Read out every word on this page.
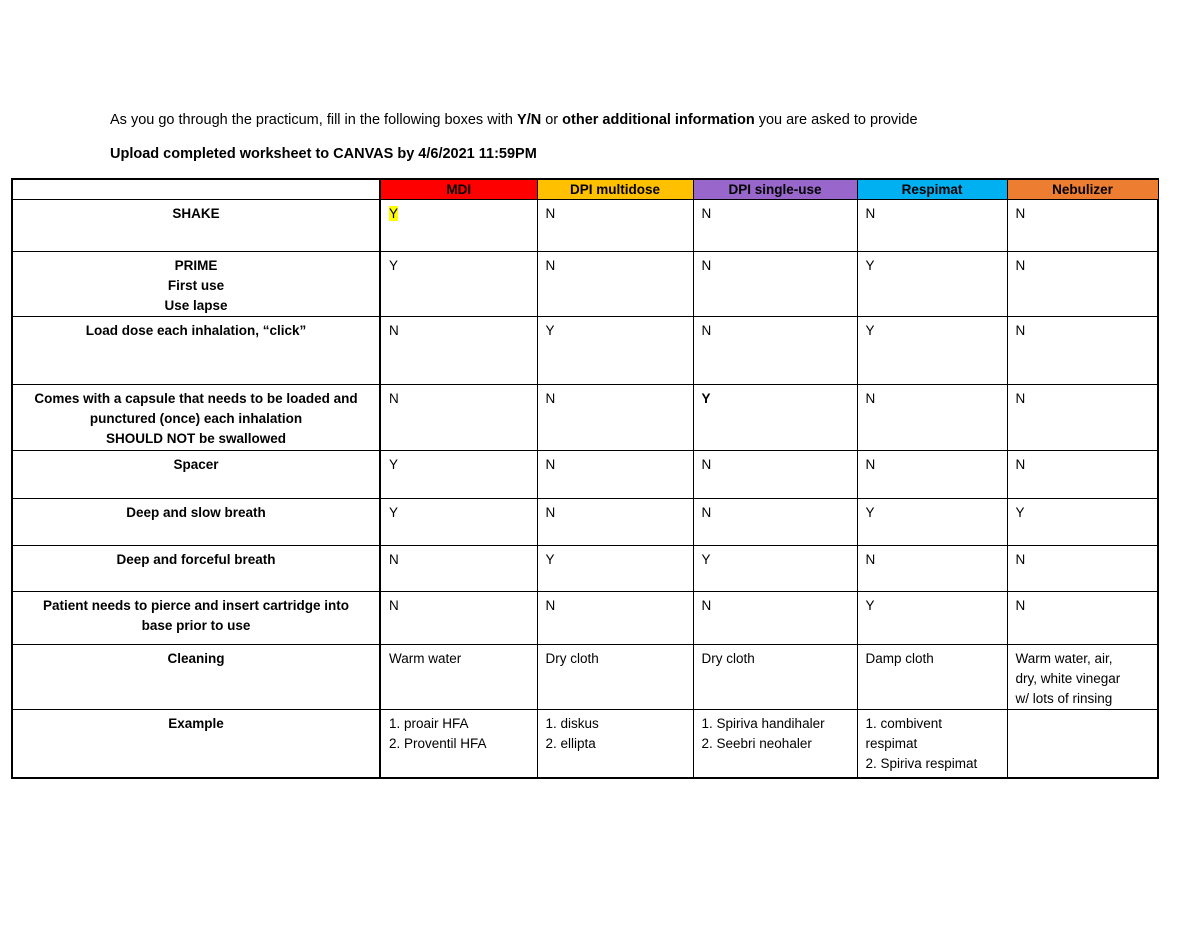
As you go through the practicum, fill in the following boxes with Y/N or other additional information you are asked to provide
Upload completed worksheet to CANVAS by 4/6/2021 11:59PM
	MDI	DPI multidose	DPI single-use	Respimat	Nebulizer

SHAKE	Y	N	N	N	N

PRIME
First use
Use lapse	Y	N	N	Y	N

Load dose each inhalation, “click”	N	Y	N	Y	N

Comes with a capsule that needs to be loaded and
punctured (once) each inhalation
SHOULD NOT be swallowed	N	N	Y	N	N

Spacer	Y	N	N	N	N

Deep and slow breath	Y	N	N	Y	Y

Deep and forceful breath	N	Y	Y	N	N

Patient needs to pierce and insert cartridge into
base prior to use	N	N	N	Y	N

Cleaning	Warm water	Dry cloth	Dry cloth	Damp cloth	Warm water, air,
dry, white vinegar
w/ lots of rinsing

Example	1. proair HFA
2. Proventil HFA	1. diskus
2. ellipta	1. Spiriva handihaler
2. Seebri neohaler	1. combivent
respimat
2. Spiriva respimat	
